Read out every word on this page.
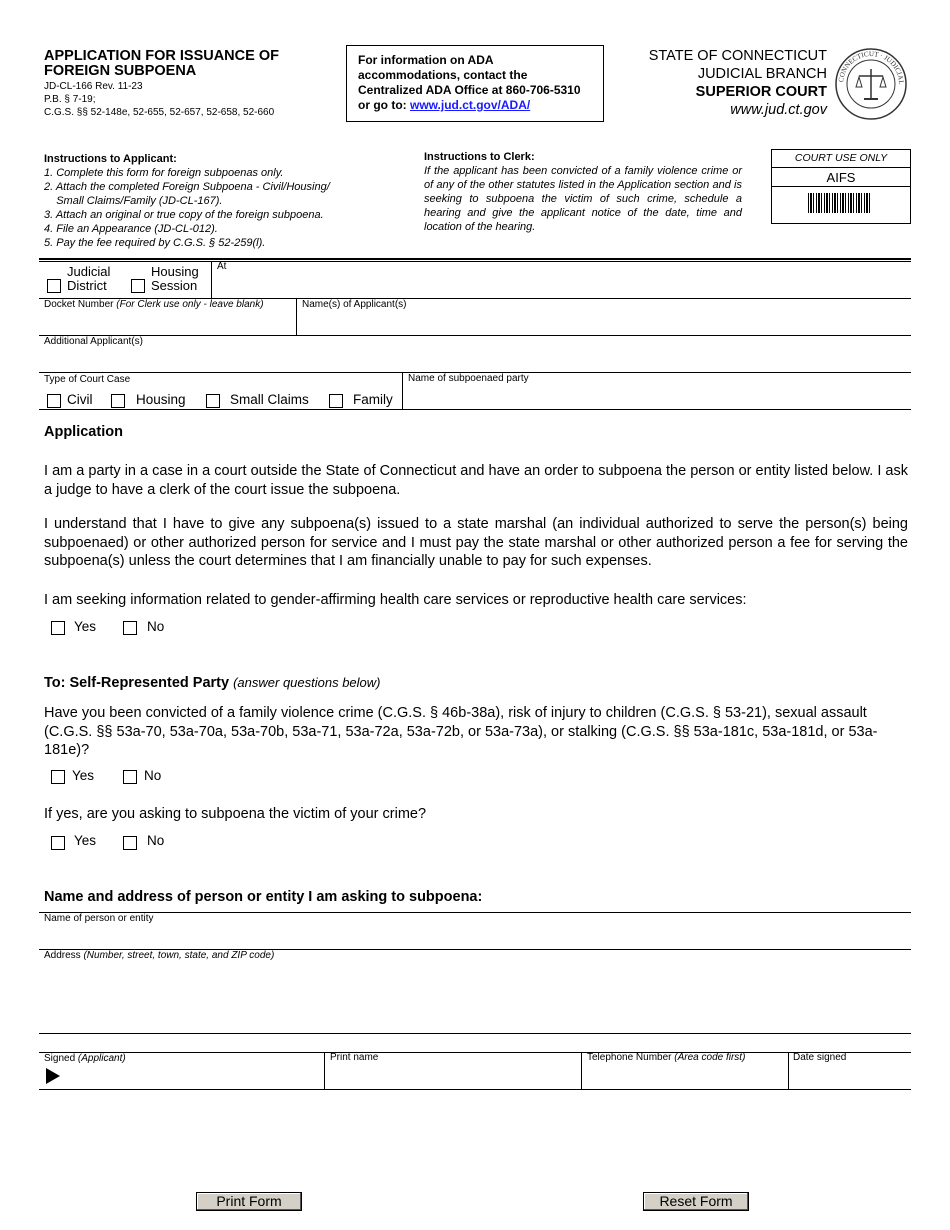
APPLICATION FOR ISSUANCE OF
FOREIGN SUBPOENA
JD-CL-166 Rev. 11-23
P.B. § 7-19;
C.G.S. §§ 52-148e, 52-655, 52-657, 52-658, 52-660
For information on ADA
accommodations, contact the
Centralized ADA Office at 860-706-5310
or go to: www.jud.ct.gov/ADA/
STATE OF CONNECTICUT
JUDICIAL BRANCH
SUPERIOR COURT
www.jud.ct.gov
CONNECTICUT · JUDICIAL
Instructions to Applicant:
1. Complete this form for foreign subpoenas only.
2. Attach the completed Foreign Subpoena - Civil/Housing/
Small Claims/Family (JD-CL-167).
3. Attach an original or true copy of the foreign subpoena.
4. File an Appearance (JD-CL-012).
5. Pay the fee required by C.G.S. § 52-259(l).
Instructions to Clerk:
If the applicant has been convicted of a family violence crime or of any of the other statutes listed in the Application section and is seeking to subpoena the victim of such crime, schedule a hearing and give the applicant notice of the date, time and location of the hearing.
COURT USE ONLY
AIFS
Judicial
District
Housing
Session
At
Docket Number (For Clerk use only - leave blank)	Name(s) of Applicant(s)
Additional Applicant(s)
Type of Court Case
Civil	Housing	Small Claims	Family
Name of subpoenaed party
Application
I am a party in a case in a court outside the State of Connecticut and have an order to subpoena the person or entity listed below. I ask a judge to have a clerk of the court issue the subpoena.
I understand that I have to give any subpoena(s) issued to a state marshal (an individual authorized to serve the person(s) being subpoenaed) or other authorized person for service and I must pay the state marshal or other authorized person a fee for serving the subpoena(s) unless the court determines that I am financially unable to pay for such expenses.
I am seeking information related to gender-affirming health care services or reproductive health care services:
Yes	No
To: Self-Represented Party (answer questions below)
Have you been convicted of a family violence crime (C.G.S. § 46b-38a), risk of injury to children (C.G.S. § 53-21), sexual assault (C.G.S. §§ 53a-70, 53a-70a, 53a-70b, 53a-71, 53a-72a, 53a-72b, or 53a-73a), or stalking (C.G.S. §§ 53a-181c, 53a-181d, or 53a-181e)?
Yes	No
If yes, are you asking to subpoena the victim of your crime?
Yes	No
Name and address of person or entity I am asking to subpoena:
Name of person or entity
Address (Number, street, town, state, and ZIP code)
Signed (Applicant)	Print name	Telephone Number (Area code first)	Date signed
Print Form	Reset Form
